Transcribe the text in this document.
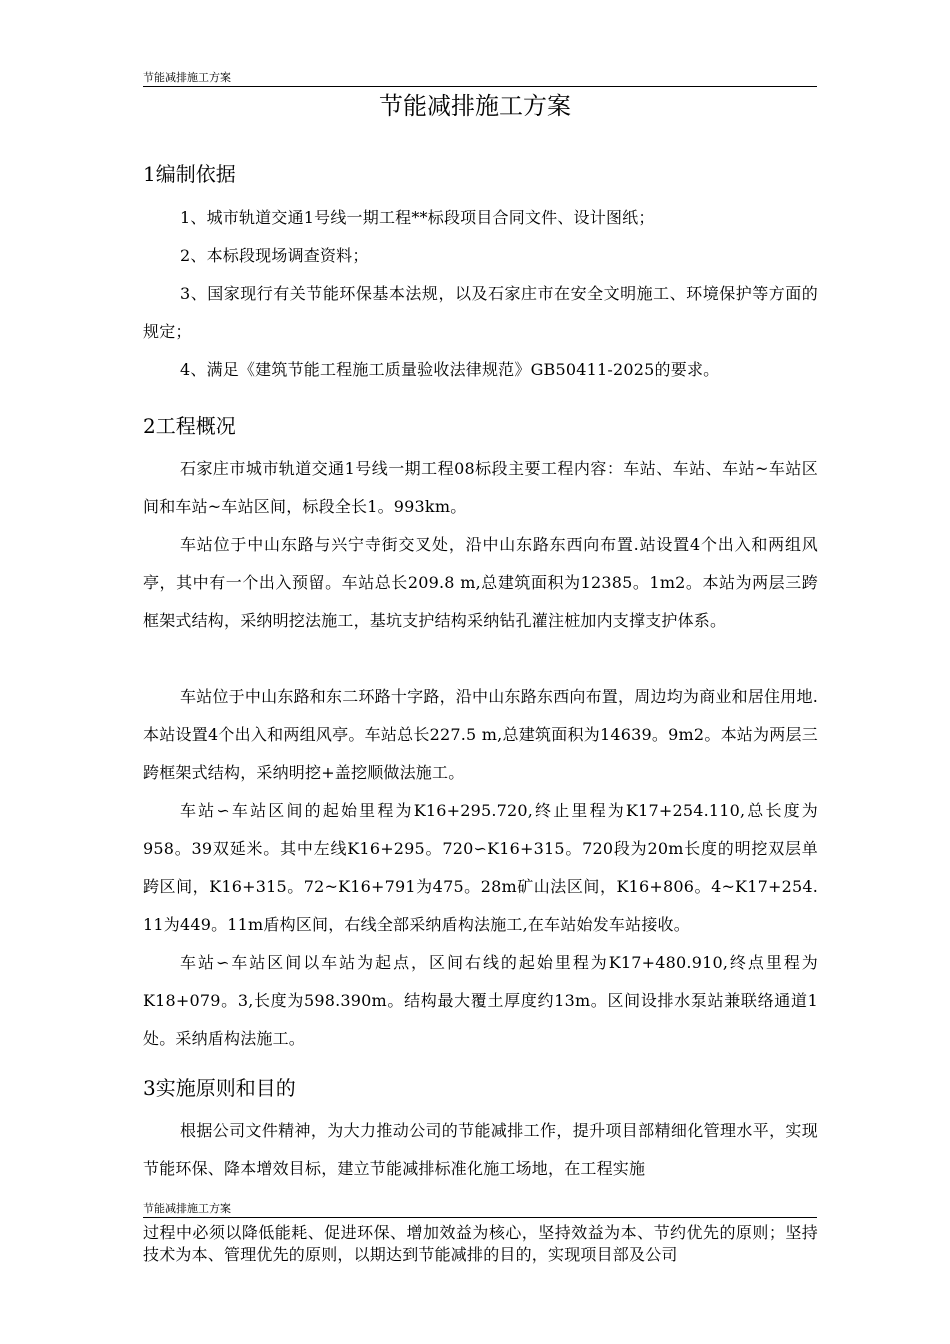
节能减排施工方案
节能减排施工方案
1编制依据
1、城市轨道交通1号线一期工程**标段项目合同文件、设计图纸；
2、本标段现场调查资料；
3、国家现行有关节能环保基本法规，以及石家庄市在安全文明施工、环境保护等方面的规定；
4、满足《建筑节能工程施工质量验收法律规范》GB50411-2025的要求。
2工程概况
石家庄市城市轨道交通1号线一期工程08标段主要工程内容：车站、车站、车站~车站区间和车站~车站区间，标段全长1。993km。
车站位于中山东路与兴宁寺街交叉处，沿中山东路东西向布置.站设置4个出入和两组风亭，其中有一个出入预留。车站总长209.8 m,总建筑面积为12385。1m2。本站为两层三跨框架式结构，采纳明挖法施工，基坑支护结构采纳钻孔灌注桩加内支撑支护体系。
车站位于中山东路和东二环路十字路，沿中山东路东西向布置，周边均为商业和居住用地.本站设置4个出入和两组风亭。车站总长227.5 m,总建筑面积为14639。9m2。本站为两层三跨框架式结构，采纳明挖+盖挖顺做法施工。
车站∽车站区间的起始里程为K16+295.720,终止里程为K17+254.110,总长度为958。39双延米。其中左线K16+295。720∽K16+315。720段为20m长度的明挖双层单跨区间，K16+315。72~K16+791为475。28m矿山法区间，K16+806。4~K17+254. 11为449。11m盾构区间，右线全部采纳盾构法施工,在车站始发车站接收。
车站∽车站区间以车站为起点，区间右线的起始里程为K17+480.910,终点里程为K18+079。3,长度为598.390m。结构最大覆土厚度约13m。区间设排水泵站兼联络通道1处。采纳盾构法施工。
3实施原则和目的
根据公司文件精神，为大力推动公司的节能减排工作，提升项目部精细化管理水平，实现节能环保、降本增效目标，建立节能减排标准化施工场地，在工程实施
节能减排施工方案
过程中必须以降低能耗、促进环保、增加效益为核心，坚持效益为本、节约优先的原则；坚持技术为本、管理优先的原则，以期达到节能减排的目的，实现项目部及公司
